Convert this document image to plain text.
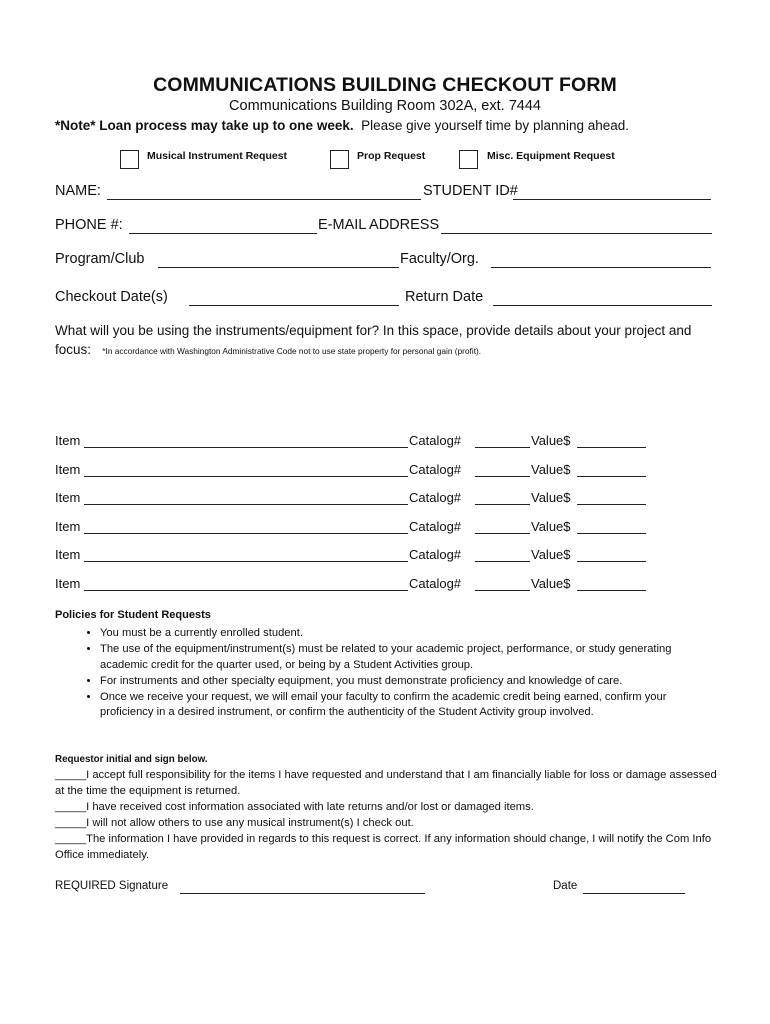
COMMUNICATIONS BUILDING CHECKOUT FORM
Communications Building Room 302A, ext. 7444
*Note* Loan process may take up to one week. Please give yourself time by planning ahead.
Musical Instrument Request	Prop Request	Misc. Equipment Request
NAME:	STUDENT ID#
PHONE #:	E-MAIL ADDRESS
Program/Club	Faculty/Org.
Checkout Date(s)	Return Date
What will you be using the instruments/equipment for? In this space, provide details about your project and focus: *In accordance with Washington Administrative Code not to use state property for personal gain (profit).
Item	Catalog#	Value$
Item	Catalog#	Value$
Item	Catalog#	Value$
Item	Catalog#	Value$
Item	Catalog#	Value$
Item	Catalog#	Value$
Policies for Student Requests
• You must be a currently enrolled student.
• The use of the equipment/instrument(s) must be related to your academic project, performance, or study generating academic credit for the quarter used, or being by a Student Activities group.
• For instruments and other specialty equipment, you must demonstrate proficiency and knowledge of care.
• Once we receive your request, we will email your faculty to confirm the academic credit being earned, confirm your proficiency in a desired instrument, or confirm the authenticity of the Student Activity group involved.
Requestor initial and sign below.
_____I accept full responsibility for the items I have requested and understand that I am financially liable for loss or damage assessed at the time the equipment is returned.
_____I have received cost information associated with late returns and/or lost or damaged items.
_____I will not allow others to use any musical instrument(s) I check out.
_____The information I have provided in regards to this request is correct. If any information should change, I will notify the Com Info Office immediately.
REQUIRED Signature	Date
